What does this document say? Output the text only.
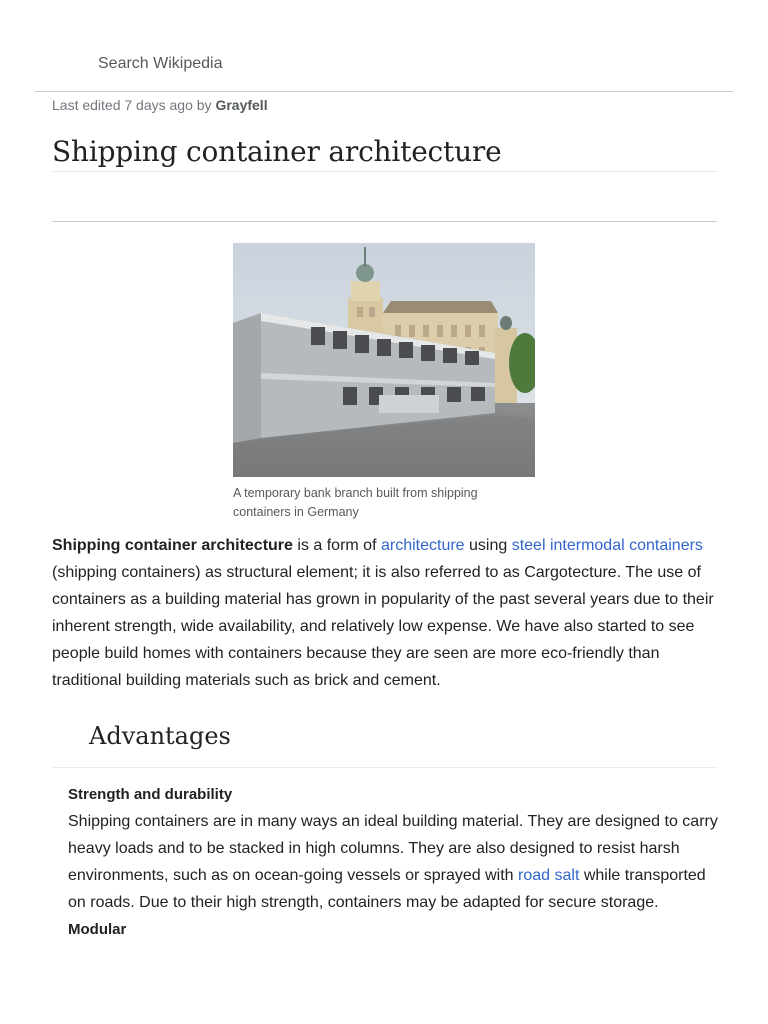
Search Wikipedia
Last edited 7 days ago by Grayfell
Shipping container architecture
A temporary bank branch built from shipping containers in Germany

Shipping container architecture is a form of architecture using steel intermodal containers (shipping containers) as structural element; it is also referred to as Cargotecture. The use of containers as a building material has grown in popularity of the past several years due to their inherent strength, wide availability, and relatively low expense. We have also started to see people build homes with containers because they are seen are more eco-friendly than traditional building materials such as brick and cement.

Advantages
Strength and durability

Shipping containers are in many ways an ideal building material. They are designed to carry heavy loads and to be stacked in high columns. They are also designed to resist harsh environments, such as on ocean-going vessels or sprayed with road salt while transported on roads. Due to their high strength, containers may be adapted for secure storage.

Modular
